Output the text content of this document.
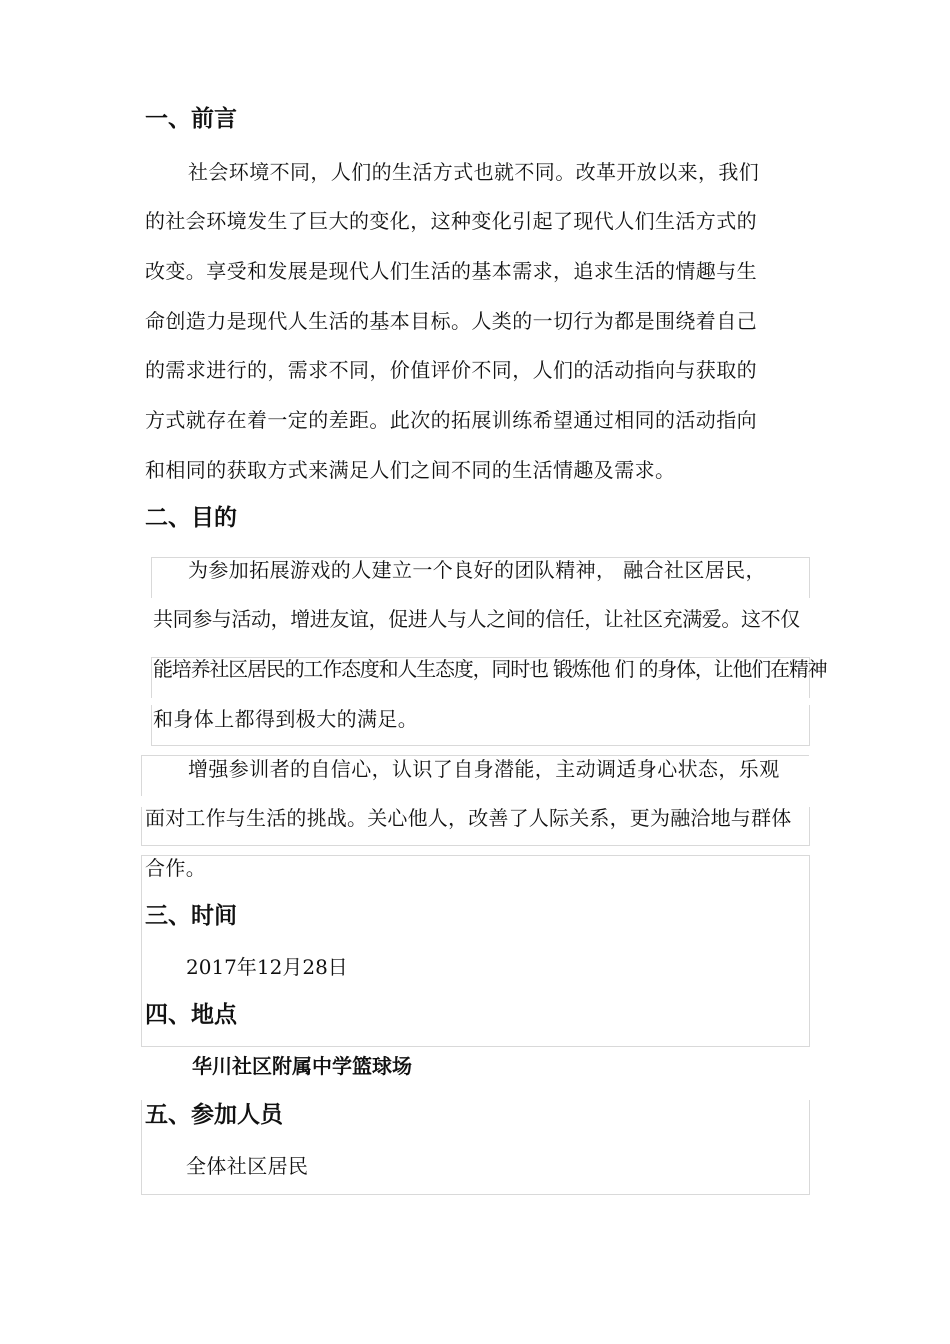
一、前言
社会环境不同，人们的生活方式也就不同。改革开放以来，我们
的社会环境发生了巨大的变化，这种变化引起了现代人们生活方式的
改变。享受和发展是现代人们生活的基本需求，追求生活的情趣与生
命创造力是现代人生活的基本目标。人类的一切行为都是围绕着自己
的需求进行的，需求不同，价值评价不同，人们的活动指向与获取的
方式就存在着一定的差距。此次的拓展训练希望通过相同的活动指向
和相同的获取方式来满足人们之间不同的生活情趣及需求。
二、目的
为参加拓展游戏的人建立一个良好的团队精神， 融合社区居民，
共同参与活动，增进友谊，促进人与人之间的信任，让社区充满爱。这不仅
能培养社区居民的工作态度和人生态度，同时也 锻炼他 们 的身体，让他们在精神
和身体上都得到极大的满足。
增强参训者的自信心，认识了自身潜能，主动调适身心状态，乐观
面对工作与生活的挑战。关心他人，改善了人际关系，更为融洽地与群体
合作。
三、时间
2017年12月28日
四、地点
华川社区附属中学篮球场
五、参加人员
全体社区居民
